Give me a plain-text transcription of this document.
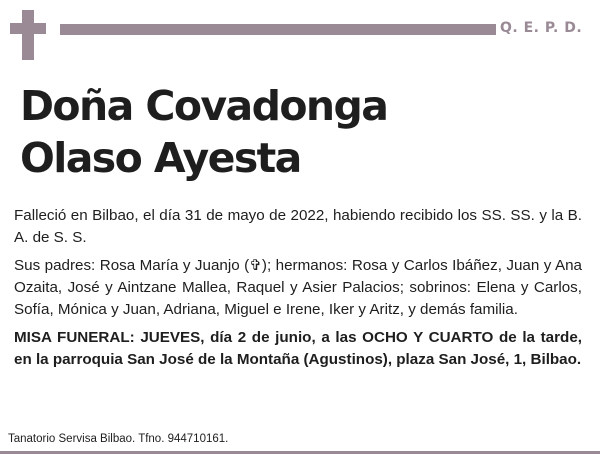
Q. E. P. D.
Doña Covadonga
Olaso Ayesta

Falleció en Bilbao, el día 31 de mayo de 2022, habiendo recibido los SS. SS. y la B. A. de S. S.

Sus padres: Rosa María y Juanjo (✞); hermanos: Rosa y Carlos Ibáñez, Juan y Ana Ozaita, José y Aintzane Mallea, Raquel y Asier Palacios; sobrinos: Elena y Carlos, Sofía, Mónica y Juan, Adriana, Miguel e Irene, Iker y Aritz, y demás familia.

MISA FUNERAL: JUEVES, día 2 de junio, a las OCHO Y CUARTO de la tarde, en la parroquia San José de la Montaña (Agustinos), plaza San José, 1, Bilbao.

Tanatorio Servisa Bilbao. Tfno. 944710161.
